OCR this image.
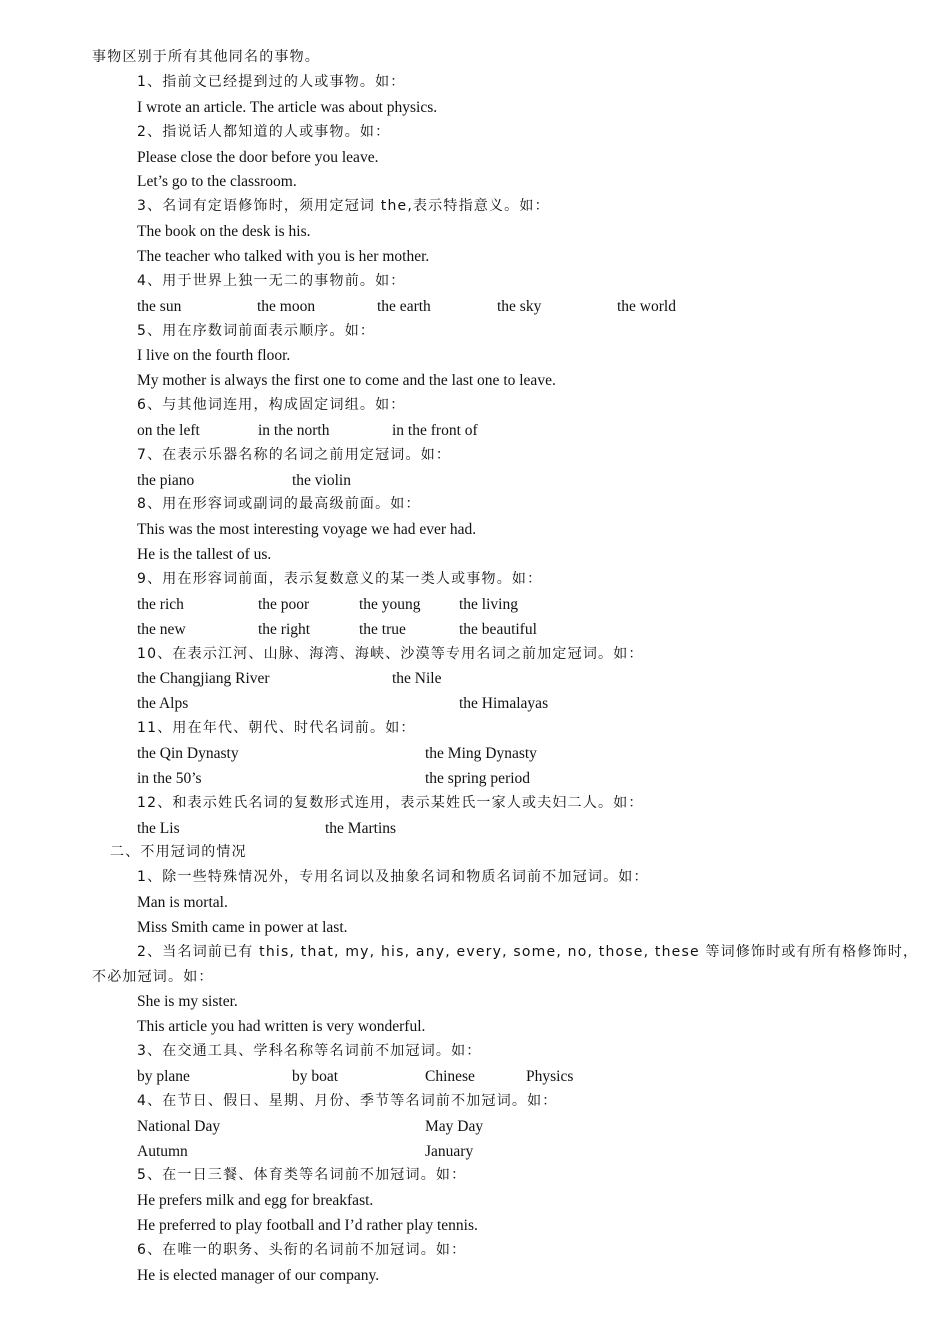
事物区别于所有其他同名的事物。
1、指前文已经提到过的人或事物。如：
I wrote an article. The article was about physics.
2、指说话人都知道的人或事物。如：
Please close the door before you leave.
Let’s go to the classroom.
3、名词有定语修饰时，须用定冠词 the,表示特指意义。如：
The book on the desk is his.
The teacher who talked with you is her mother.
4、用于世界上独一无二的事物前。如：
the sun	the moon	the earth	the sky	the world
5、用在序数词前面表示顺序。如：
I live on the fourth floor.
My mother is always the first one to come and the last one to leave.
6、与其他词连用，构成固定词组。如：
on the left	in the north	in the front of
7、在表示乐器名称的名词之前用定冠词。如：
the piano	the violin
8、用在形容词或副词的最高级前面。如：
This was the most interesting voyage we had ever had.
He is the tallest of us.
9、用在形容词前面，表示复数意义的某一类人或事物。如：
the rich	the poor	the young the living
the new	the right	the true	the beautiful
10、在表示江河、山脉、海湾、海峡、沙漠等专用名词之前加定冠词。如：
the Changjiang River	the Nile
the Alps	the Himalayas
11、用在年代、朝代、时代名词前。如：
the Qin Dynasty	the Ming Dynasty
in the 50’s	the spring period
12、和表示姓氏名词的复数形式连用，表示某姓氏一家人或夫妇二人。如：
the Lis	the Martins
二、不用冠词的情况
1、除一些特殊情况外，专用名词以及抽象名词和物质名词前不加冠词。如：
Man is mortal.
Miss Smith came in power at last.
2、当名词前已有 this, that, my, his, any, every, some, no, those, these 等词修饰时或有所有格修饰时，
不必加冠词。如：
She is my sister.
This article you had written is very wonderful.
3、在交通工具、学科名称等名词前不加冠词。如：
by plane	by boat	Chinese	Physics
4、在节日、假日、星期、月份、季节等名词前不加冠词。如：
National Day	May Day
Autumn	January
5、在一日三餐、体育类等名词前不加冠词。如：
He prefers milk and egg for breakfast.
He preferred to play football and I’d rather play tennis.
6、在唯一的职务、头衔的名词前不加冠词。如：
He is elected manager of our company.
